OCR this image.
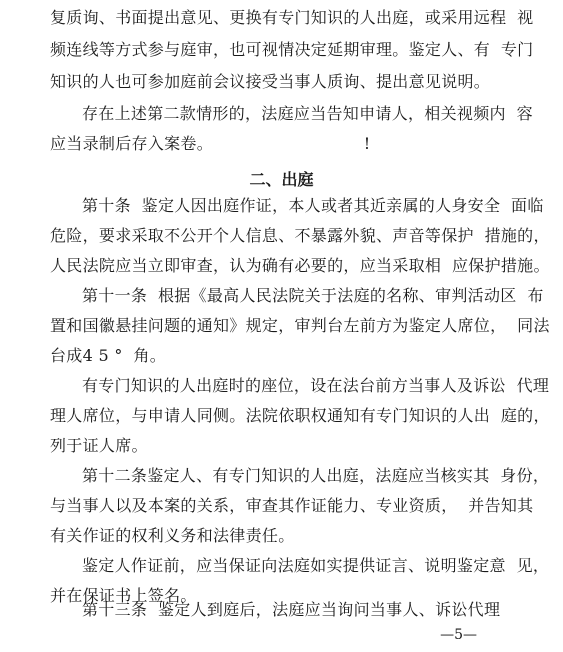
复质询、书面提出意见、更换有专门知识的人出庭，或采用远程  视
频连线等方式参与庭审，也可视情决定延期审理。鉴定人、有  专门
知识的人也可参加庭前会议接受当事人质询、提出意见说明。
存在上述第二款情形的，法庭应当告知申请人，相关视频内  容
应当录制后存入案卷。                            !
二、出庭
第十条  鉴定人因出庭作证，本人或者其近亲属的人身安全  面临
危险，要求采取不公开个人信息、不暴露外貌、声音等保护  措施的，
人民法院应当立即审查，认为确有必要的，应当采取相  应保护措施。
第十一条  根据《最高人民法院关于法庭的名称、审判活动区  布
置和国徽悬挂问题的通知》规定，审判台左前方为鉴定人席位，  同法
台成4 5 °  角。
有专门知识的人出庭时的座位，设在法台前方当事人及诉讼  代理
理人席位，与申请人同侧。法院依职权通知有专门知识的人出  庭的，
列于证人席。
第十二条鉴定人、有专门知识的人出庭，法庭应当核实其  身份，
与当事人以及本案的关系，审查其作证能力、专业资质，  并告知其
有关作证的权利义务和法律责任。
鉴定人作证前，应当保证向法庭如实提供证言、说明鉴定意  见，
并在保证书上签名。
第十三条  鉴定人到庭后，法庭应当询问当事人、诉讼代理
—5—
